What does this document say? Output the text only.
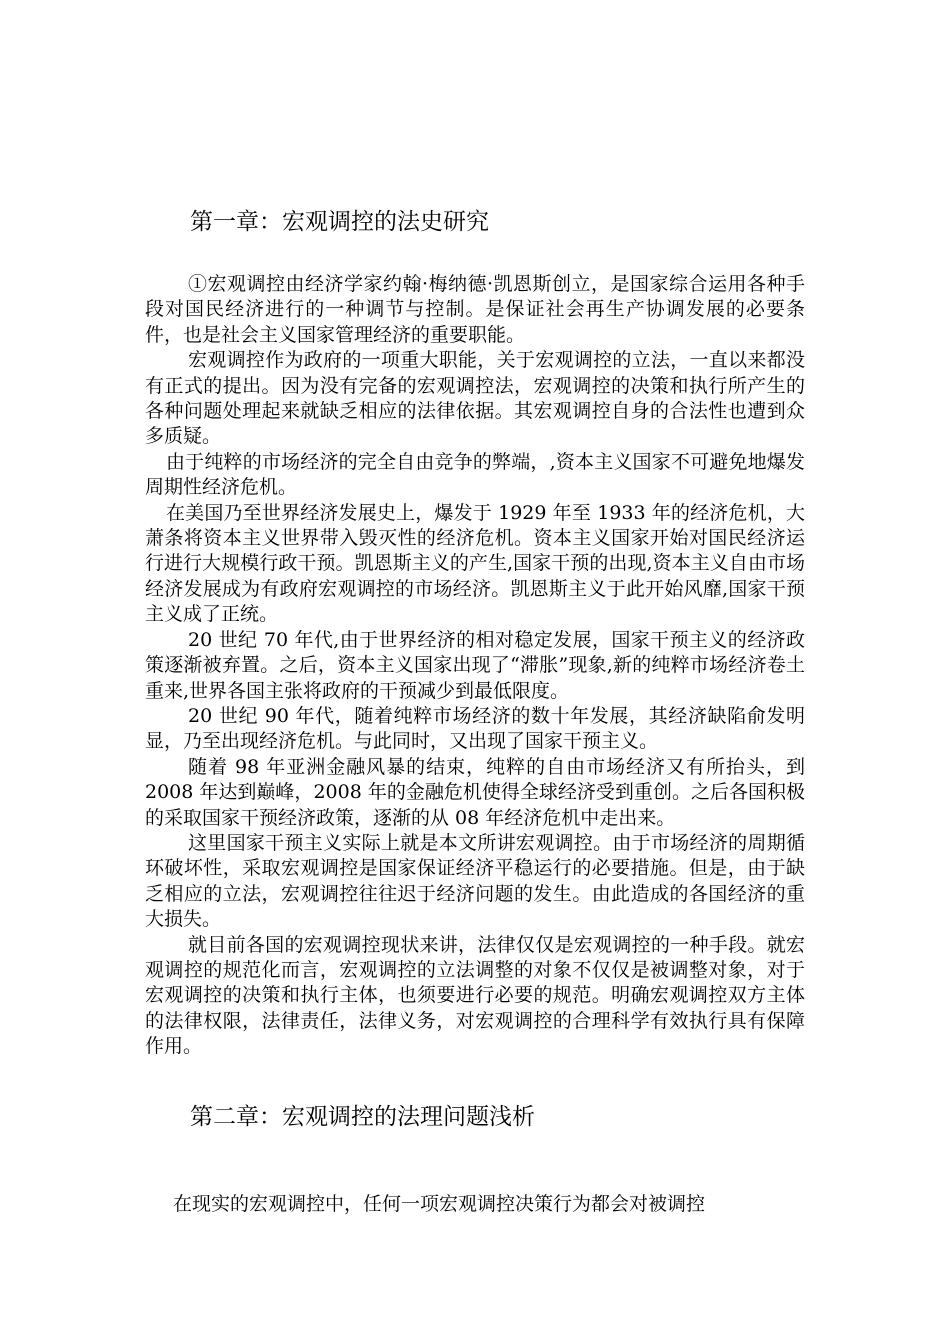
第一章：宏观调控的法史研究

①宏观调控由经济学家约翰·梅纳德·凯恩斯创立，是国家综合运用各种手段对国民经济进行的一种调节与控制。是保证社会再生产协调发展的必要条件，也是社会主义国家管理经济的重要职能。

宏观调控作为政府的一项重大职能，关于宏观调控的立法，一直以来都没有正式的提出。因为没有完备的宏观调控法，宏观调控的决策和执行所产生的各种问题处理起来就缺乏相应的法律依据。其宏观调控自身的合法性也遭到众多质疑。

由于纯粹的市场经济的完全自由竞争的弊端，,资本主义国家不可避免地爆发周期性经济危机。

在美国乃至世界经济发展史上，爆发于 1929 年至 1933 年的经济危机，大萧条将资本主义世界带入毁灭性的经济危机。资本主义国家开始对国民经济运行进行大规模行政干预。凯恩斯主义的产生,国家干预的出现,资本主义自由市场经济发展成为有政府宏观调控的市场经济。凯恩斯主义于此开始风靡,国家干预主义成了正统。

20 世纪 70 年代,由于世界经济的相对稳定发展，国家干预主义的经济政策逐渐被弃置。之后，资本主义国家出现了“滞胀”现象,新的纯粹市场经济卷土重来,世界各国主张将政府的干预减少到最低限度。

20 世纪 90 年代，随着纯粹市场经济的数十年发展，其经济缺陷俞发明显，乃至出现经济危机。与此同时，又出现了国家干预主义。

随着 98 年亚洲金融风暴的结束，纯粹的自由市场经济又有所抬头，到 2008 年达到巅峰，2008 年的金融危机使得全球经济受到重创。之后各国积极的采取国家干预经济政策，逐渐的从 08 年经济危机中走出来。

这里国家干预主义实际上就是本文所讲宏观调控。由于市场经济的周期循环破坏性，采取宏观调控是国家保证经济平稳运行的必要措施。但是，由于缺乏相应的立法，宏观调控往往迟于经济问题的发生。由此造成的各国经济的重大损失。

就目前各国的宏观调控现状来讲，法律仅仅是宏观调控的一种手段。就宏观调控的规范化而言，宏观调控的立法调整的对象不仅仅是被调整对象，对于宏观调控的决策和执行主体，也须要进行必要的规范。明确宏观调控双方主体的法律权限，法律责任，法律义务，对宏观调控的合理科学有效执行具有保障作用。

第二章：宏观调控的法理问题浅析

在现实的宏观调控中，任何一项宏观调控决策行为都会对被调控
